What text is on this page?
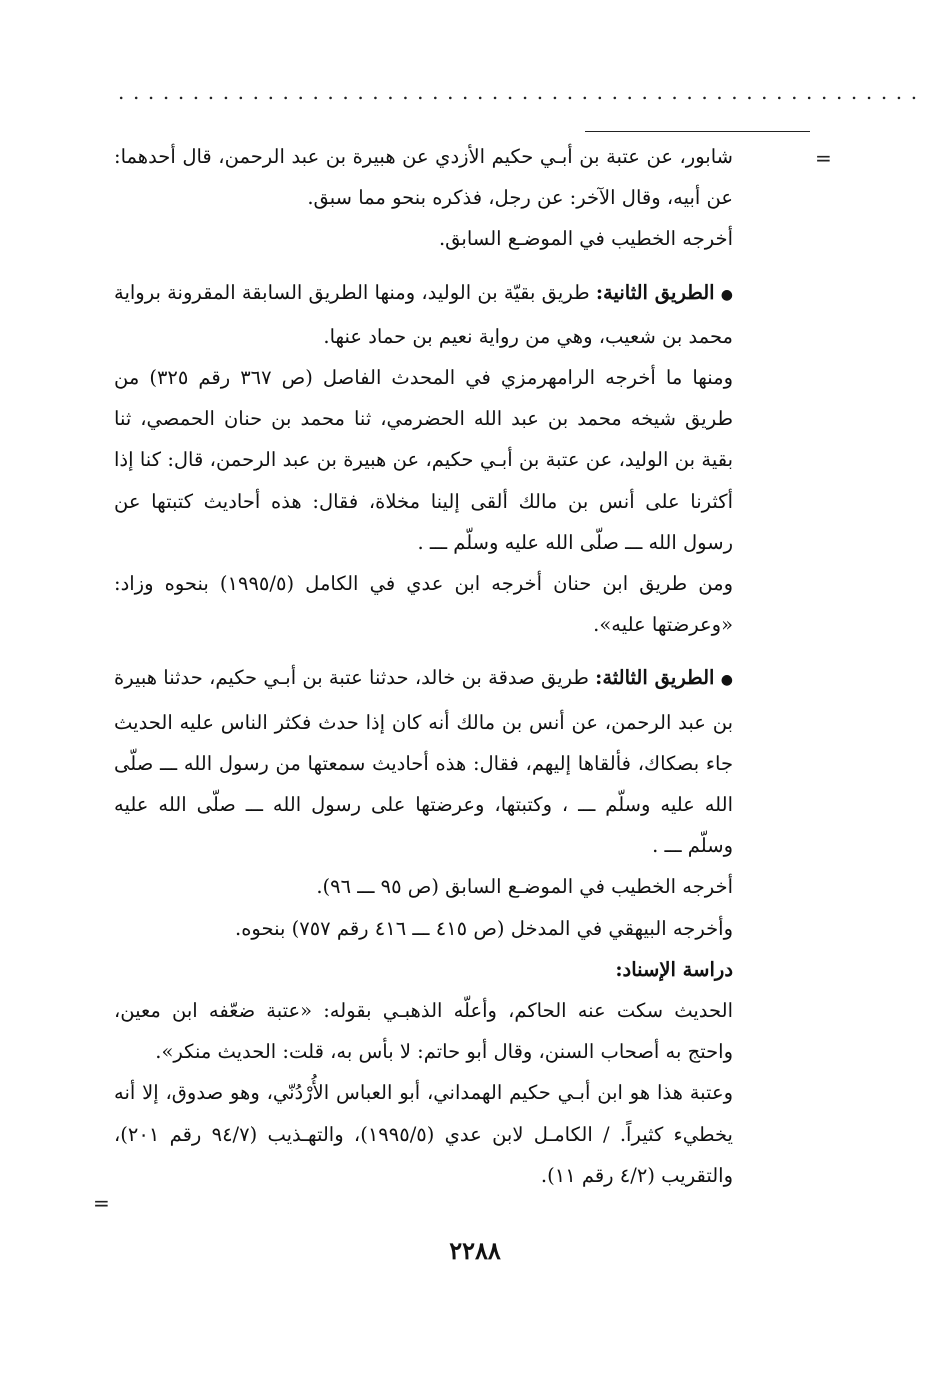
......................................................
=

شابور، عن عتبة بن أبـي حكيم الأزدي عن هبيرة بن عبد الرحمن، قال أحدهما: عن أبيه، وقال الآخر: عن رجل، فذكره بنحو مما سبق.

أخرجه الخطيب في الموضـع السابق.

● الطريق الثانية: طريق بقيّة بن الوليد، ومنها الطريق السابقة المقرونة برواية محمد بن شعيب، وهي من رواية نعيم بن حماد عنها.

ومنها ما أخرجه الرامهرمزي في المحدث الفاصل (ص ٣٦٧ رقم ٣٢٥) من طريق شيخه محمد بن عبد الله الحضرمي، ثنا محمد بن حنان الحمصي، ثنا بقية بن الوليد، عن عتبة بن أبـي حكيم، عن هبيرة بن عبد الرحمن، قال: كنا إذا أكثرنا على أنس بن مالك ألقى إلينا مخلاة، فقال: هذه أحاديث كتبتها عن رسول الله ـــ صلّى الله عليه وسلّم ـــ .

ومن طريق ابن حنان أخرجه ابن عدي في الكامل (١٩٩٥/٥) بنحوه وزاد: «وعرضتها عليه».

● الطريق الثالثة: طريق صدقة بن خالد، حدثنا عتبة بن أبـي حكيم، حدثنا هبيرة بن عبد الرحمن، عن أنس بن مالك أنه كان إذا حدث فكثر الناس عليه الحديث جاء بصكاك، فألقاها إليهم، فقال: هذه أحاديث سمعتها من رسول الله ـــ صلّى الله عليه وسلّم ـــ ، وكتبتها، وعرضتها على رسول الله ـــ صلّى الله عليه وسلّم ـــ .

أخرجه الخطيب في الموضـع السابق (ص ٩٥ ـــ ٩٦).

وأخرجه البيهقي في المدخل (ص ٤١٥ ـــ ٤١٦ رقم ٧٥٧) بنحوه.

دراسة الإسناد:

الحديث سكت عنه الحاكم، وأعلّه الذهبـي بقوله: «عتبة ضعّفه ابن معين، واحتج به أصحاب السنن، وقال أبو حاتم: لا بأس به، قلت: الحديث منكر».

وعتبة هذا هو ابن أبـي حكيم الهمداني، أبو العباس الأُرْدُنّي، وهو صدوق، إلا أنه يخطيء كثيراً. / الكامـل لابن عدي (١٩٩٥/٥)، والتهـذيب (٩٤/٧ رقم ٢٠١)، والتقريب (٤/٢ رقم ١١).

=
٢٢٨٨
